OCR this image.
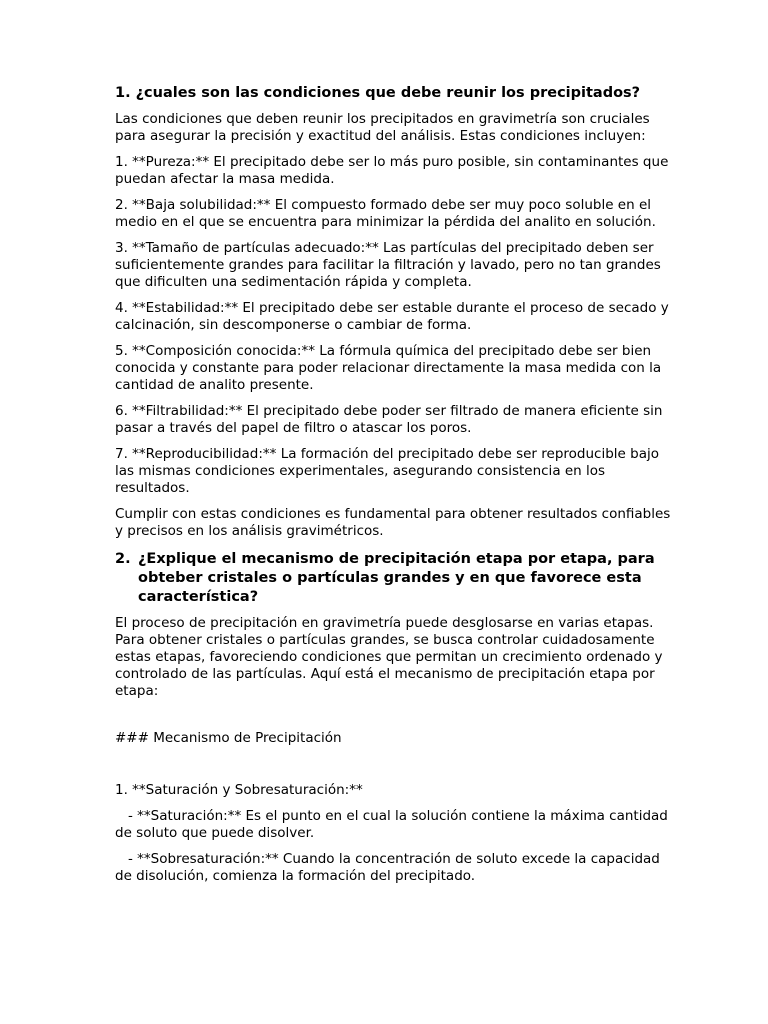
1. ¿cuales son las condiciones que debe reunir los precipitados?

Las condiciones que deben reunir los precipitados en gravimetría son cruciales para asegurar la precisión y exactitud del análisis. Estas condiciones incluyen:

1. **Pureza:** El precipitado debe ser lo más puro posible, sin contaminantes que puedan afectar la masa medida.

2. **Baja solubilidad:** El compuesto formado debe ser muy poco soluble en el medio en el que se encuentra para minimizar la pérdida del analito en solución.

3. **Tamaño de partículas adecuado:** Las partículas del precipitado deben ser suficientemente grandes para facilitar la filtración y lavado, pero no tan grandes que dificulten una sedimentación rápida y completa.

4. **Estabilidad:** El precipitado debe ser estable durante el proceso de secado y calcinación, sin descomponerse o cambiar de forma.

5. **Composición conocida:** La fórmula química del precipitado debe ser bien conocida y constante para poder relacionar directamente la masa medida con la cantidad de analito presente.

6. **Filtrabilidad:** El precipitado debe poder ser filtrado de manera eficiente sin pasar a través del papel de filtro o atascar los poros.

7. **Reproducibilidad:** La formación del precipitado debe ser reproducible bajo las mismas condiciones experimentales, asegurando consistencia en los resultados.

Cumplir con estas condiciones es fundamental para obtener resultados confiables y precisos en los análisis gravimétricos.

2. ¿Explique el mecanismo de precipitación etapa por etapa, para obteber cristales o partículas grandes y en que favorece esta característica?

El proceso de precipitación en gravimetría puede desglosarse en varias etapas. Para obtener cristales o partículas grandes, se busca controlar cuidadosamente estas etapas, favoreciendo condiciones que permitan un crecimiento ordenado y controlado de las partículas. Aquí está el mecanismo de precipitación etapa por etapa:

### Mecanismo de Precipitación

1. **Saturación y Sobresaturación:**

- **Saturación:** Es el punto en el cual la solución contiene la máxima cantidad de soluto que puede disolver.

- **Sobresaturación:** Cuando la concentración de soluto excede la capacidad de disolución, comienza la formación del precipitado.
